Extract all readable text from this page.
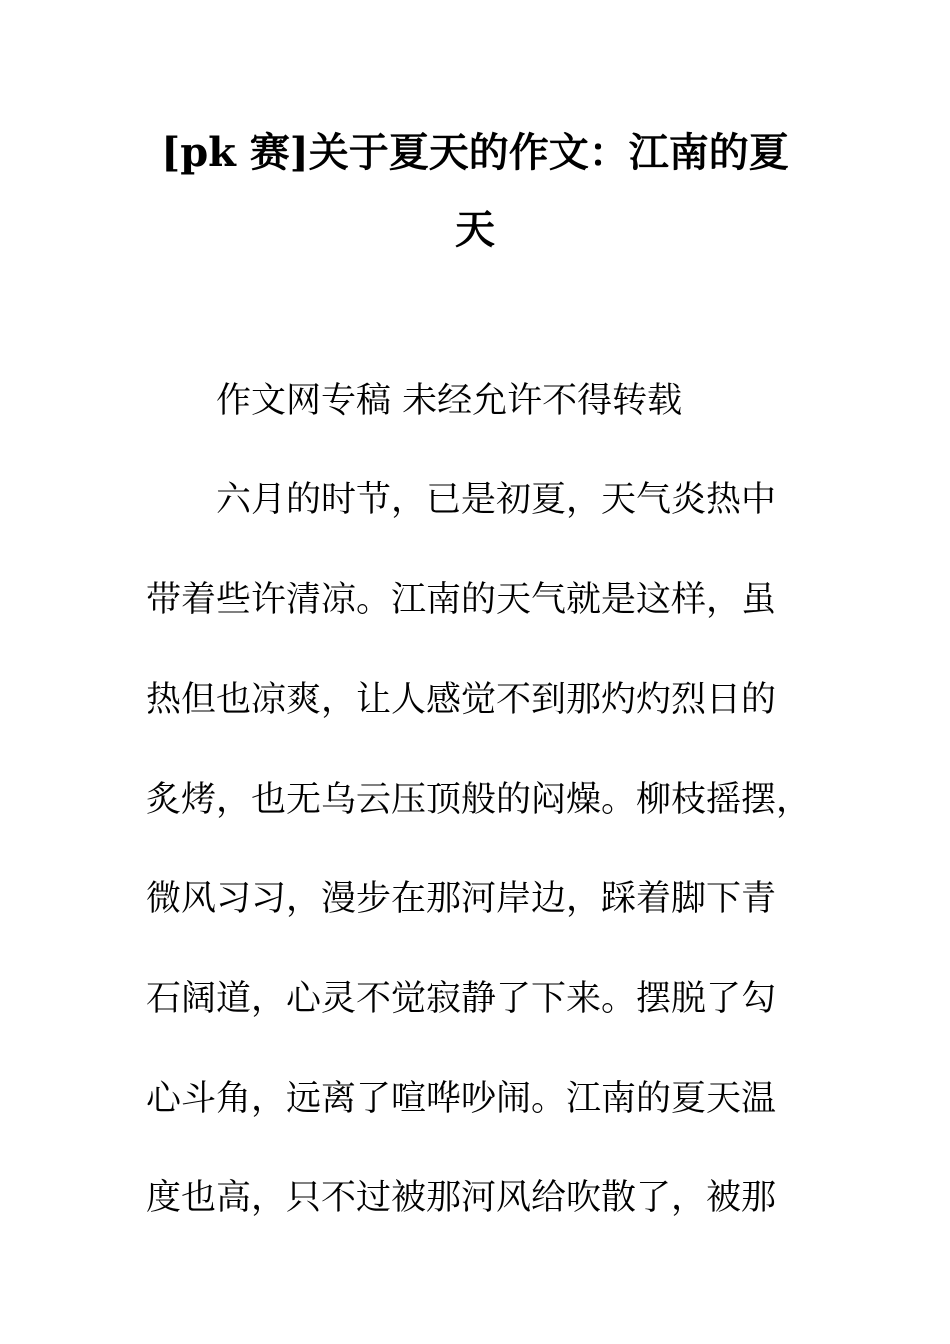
[pk 赛]关于夏天的作文：江南的夏
天
作文网专稿 未经允许不得转载
六月的时节，已是初夏，天气炎热中
带着些许清凉。江南的天气就是这样，虽
热但也凉爽，让人感觉不到那灼灼烈日的
炙烤，也无乌云压顶般的闷燥。柳枝摇摆，
微风习习，漫步在那河岸边，踩着脚下青
石阔道，心灵不觉寂静了下来。摆脱了勾
心斗角，远离了喧哗吵闹。江南的夏天温
度也高，只不过被那河风给吹散了，被那
